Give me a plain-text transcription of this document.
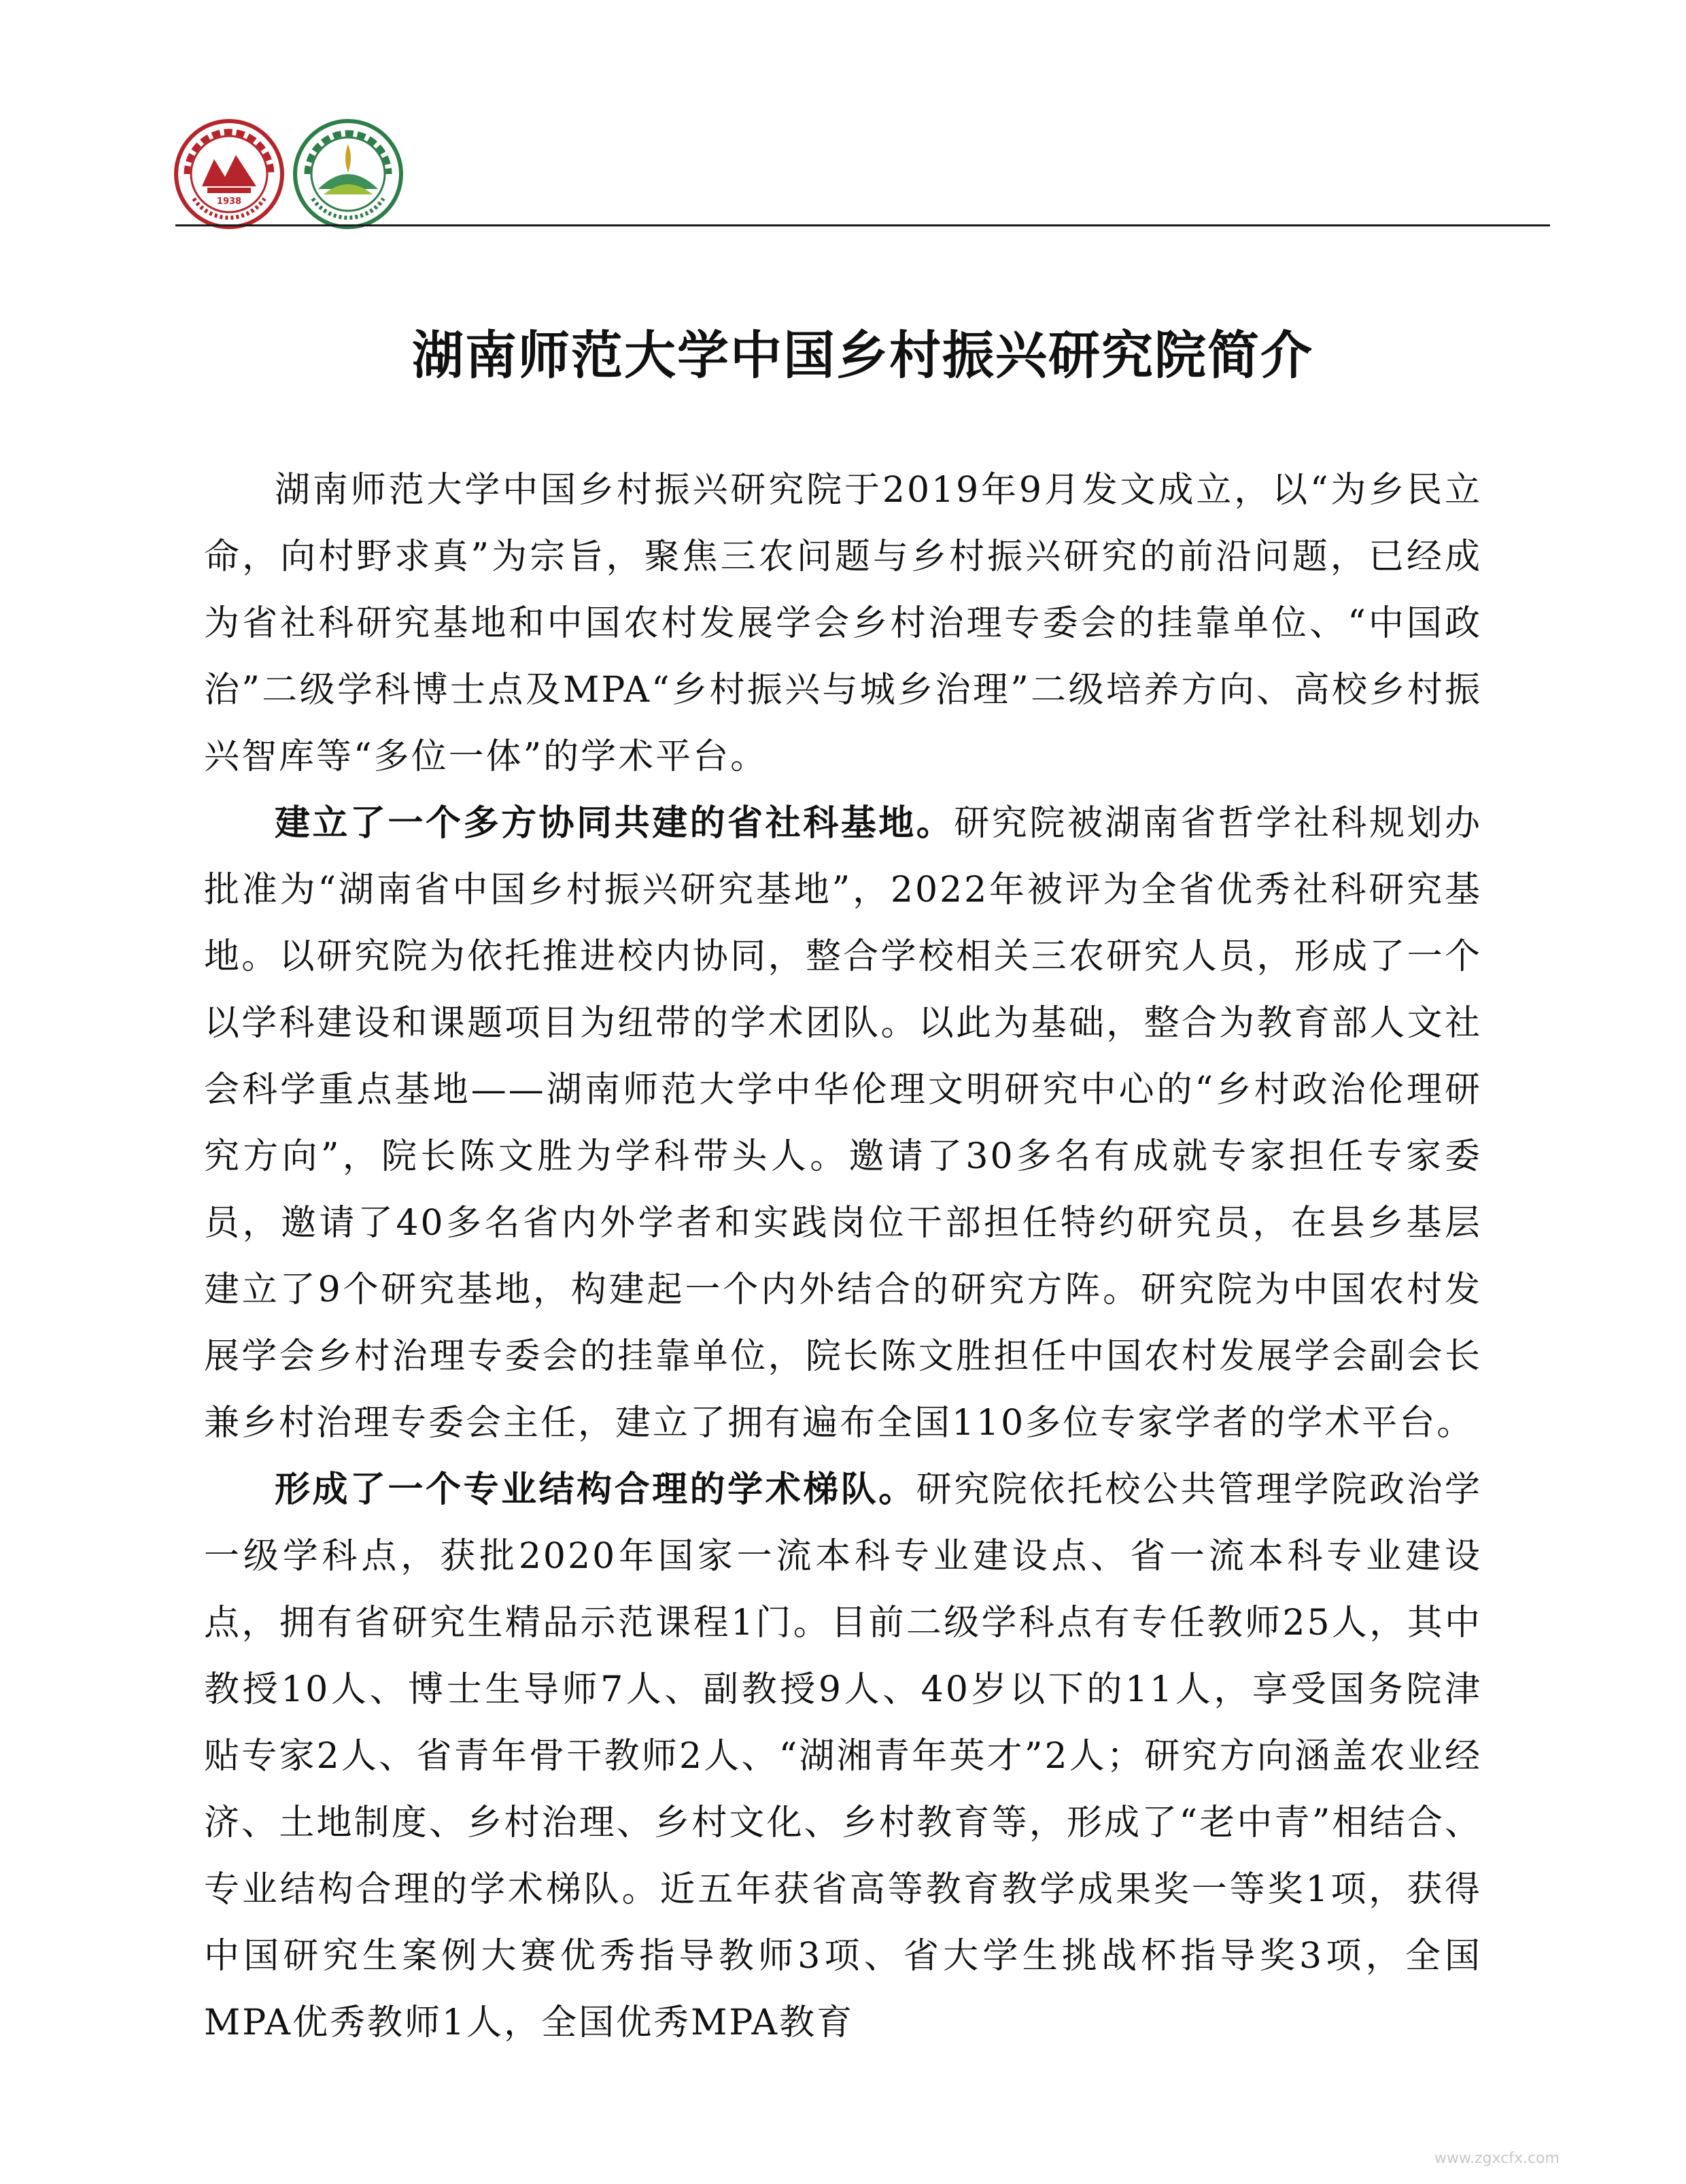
1938
湖南师范大学中国乡村振兴研究院简介

湖南师范大学中国乡村振兴研究院于2019年9月发文成立，以“为乡民立命，向村野求真”为宗旨，聚焦三农问题与乡村振兴研究的前沿问题，已经成为省社科研究基地和中国农村发展学会乡村治理专委会的挂靠单位、“中国政治”二级学科博士点及MPA“乡村振兴与城乡治理”二级培养方向、高校乡村振兴智库等“多位一体”的学术平台。

建立了一个多方协同共建的省社科基地。研究院被湖南省哲学社科规划办批准为“湖南省中国乡村振兴研究基地”，2022年被评为全省优秀社科研究基地。以研究院为依托推进校内协同，整合学校相关三农研究人员，形成了一个以学科建设和课题项目为纽带的学术团队。以此为基础，整合为教育部人文社会科学重点基地——湖南师范大学中华伦理文明研究中心的“乡村政治伦理研究方向”，院长陈文胜为学科带头人。邀请了30多名有成就专家担任专家委员，邀请了40多名省内外学者和实践岗位干部担任特约研究员，在县乡基层建立了9个研究基地，构建起一个内外结合的研究方阵。研究院为中国农村发展学会乡村治理专委会的挂靠单位，院长陈文胜担任中国农村发展学会副会长兼乡村治理专委会主任，建立了拥有遍布全国110多位专家学者的学术平台。

形成了一个专业结构合理的学术梯队。研究院依托校公共管理学院政治学一级学科点，获批2020年国家一流本科专业建设点、省一流本科专业建设点，拥有省研究生精品示范课程1门。目前二级学科点有专任教师25人，其中教授10人、博士生导师7人、副教授9人、40岁以下的11人，享受国务院津贴专家2人、省青年骨干教师2人、“湖湘青年英才”2人；研究方向涵盖农业经济、土地制度、乡村治理、乡村文化、乡村教育等，形成了“老中青”相结合、专业结构合理的学术梯队。近五年获省高等教育教学成果奖一等奖1项，获得中国研究生案例大赛优秀指导教师3项、省大学生挑战杯指导奖3项，全国MPA优秀教师1人，全国优秀MPA教育

www.zgxcfx.com
